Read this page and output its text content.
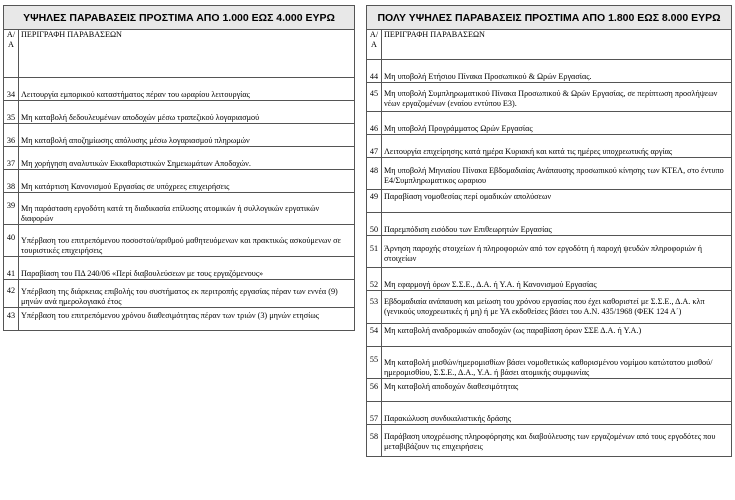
ΥΨΗΛΕΣ ΠΑΡΑΒΑΣΕΙΣ ΠΡΟΣΤΙΜΑ ΑΠΟ 1.000 ΕΩΣ 4.000 ΕΥΡΩ	
Α/Α	ΠΕΡΙΓΡΑΦΗ ΠΑΡΑΒΑΣΕΩΝ
34	Λειτουργία εμπορικού καταστήματος πέραν του ωραρίου λειτουργίας
35	Μη καταβολή δεδουλευμένων αποδοχών μέσω τραπεζικού λογαριασμού
36	Μη καταβολή αποζημίωσης απόλυσης μέσω λογαριασμού πληρωμών
37	Μη χορήγηση αναλυτικών Εκκαθαριστικών Σημειωμάτων Αποδοχών.
38	Μη κατάρτιση Κανονισμού Εργασίας σε υπόχρεες επιχειρήσεις
39	Μη παράσταση εργοδότη κατά τη διαδικασία επίλυσης ατομικών ή συλλογικών εργατικών διαφορών
40	Υπέρβαση του επιτρεπόμενου ποσοστού/αριθμού μαθητευόμενων και πρακτικώς ασκούμενων σε τουριστικές επιχειρήσεις
41	Παραβίαση του ΠΔ 240/06 «Περί διαβουλεύσεων με τους εργαζόμενους»
42	Υπέρβαση της διάρκειας επιβολής του συστήματος εκ περιτροπής εργασίας πέραν των εννέα (9) μηνών ανά ημερολογιακό έτος
43	Υπέρβαση του επιτρεπόμενου χρόνου διαθεσιμότητας πέραν των τριών (3) μηνών ετησίως
ΠΟΛΥ ΥΨΗΛΕΣ ΠΑΡΑΒΑΣΕΙΣ ΠΡΟΣΤΙΜΑ ΑΠΟ 1.800 ΕΩΣ 8.000 ΕΥΡΩ	
Α/Α	ΠΕΡΙΓΡΑΦΗ ΠΑΡΑΒΑΣΕΩΝ
44	Μη υποβολή Ετήσιου Πίνακα Προσωπικού & Ωρών Εργασίας.
45	Μη υποβολή Συμπληρωματικού Πίνακα Προσωπικού & Ωρών Εργασίας, σε περίπτωση προσλήψεων νέων εργαζομένων (εναίου εντύπου Ε3).
46	Μη υποβολή Προγράμματος Ωρών Εργασίας
47	Λειτουργία επιχείρησης κατά ημέρα Κυριακή και κατά τις ημέρες υποχρεωτικής αργίας
48	Μη υποβολή Μηνιαίου Πίνακα Εβδομαδιαίας Ανάπαυσης προσωπικού κίνησης των ΚΤΕΛ, στο έντυπο Ε4/Συμπληρωματικος ωραριου
49	Παραβίαση νομοθεσίας περί ομαδικών απολύσεων
50	Παρεμπόδιση εισόδου των Επιθεωρητών Εργασίας
51	Άρνηση παροχής στοιχείων ή πληροφοριών από τον εργοδότη ή παροχή ψευδών πληροφοριών ή στοιχείων
52	Μη εφαρμογή όρων Σ.Σ.Ε., Δ.Α. ή Υ.Α. ή Κανονισμού Εργασίας
53	Εβδομαδιαία ανάπαυση και μείωση του χρόνου εργασίας που έχει καθοριστεί με Σ.Σ.Ε., Δ.Α. κλπ (γενικούς υποχρεωτικές ή μη) ή με ΥΑ εκδοθείσες βάσει του Α.Ν. 435/1968 (ΦΕΚ 124 Α΄)
54	Μη καταβολή αναδρομικών αποδοχών (ως παραβίαση όρων ΣΣΕ Δ.Α. ή Υ.Α.)
55	Μη καταβολή μισθών/ημερομισθίων βάσει νομοθετικώς καθορισμένου νομίμου κατώτατου μισθού/ημερομισθίου, Σ.Σ.Ε., Δ.Α., Υ.Α. ή βάσει ατομικής συμφωνίας
56	Μη καταβολή αποδοχών διαθεσιμότητας
57	Παρακώλυση συνδικαλιστικής δράσης
58	Παράβαση υποχρέωσης πληροφόρησης και διαβούλευσης των εργαζομένων από τους εργοδότες που μεταβιβάζουν τις επιχειρήσεις
